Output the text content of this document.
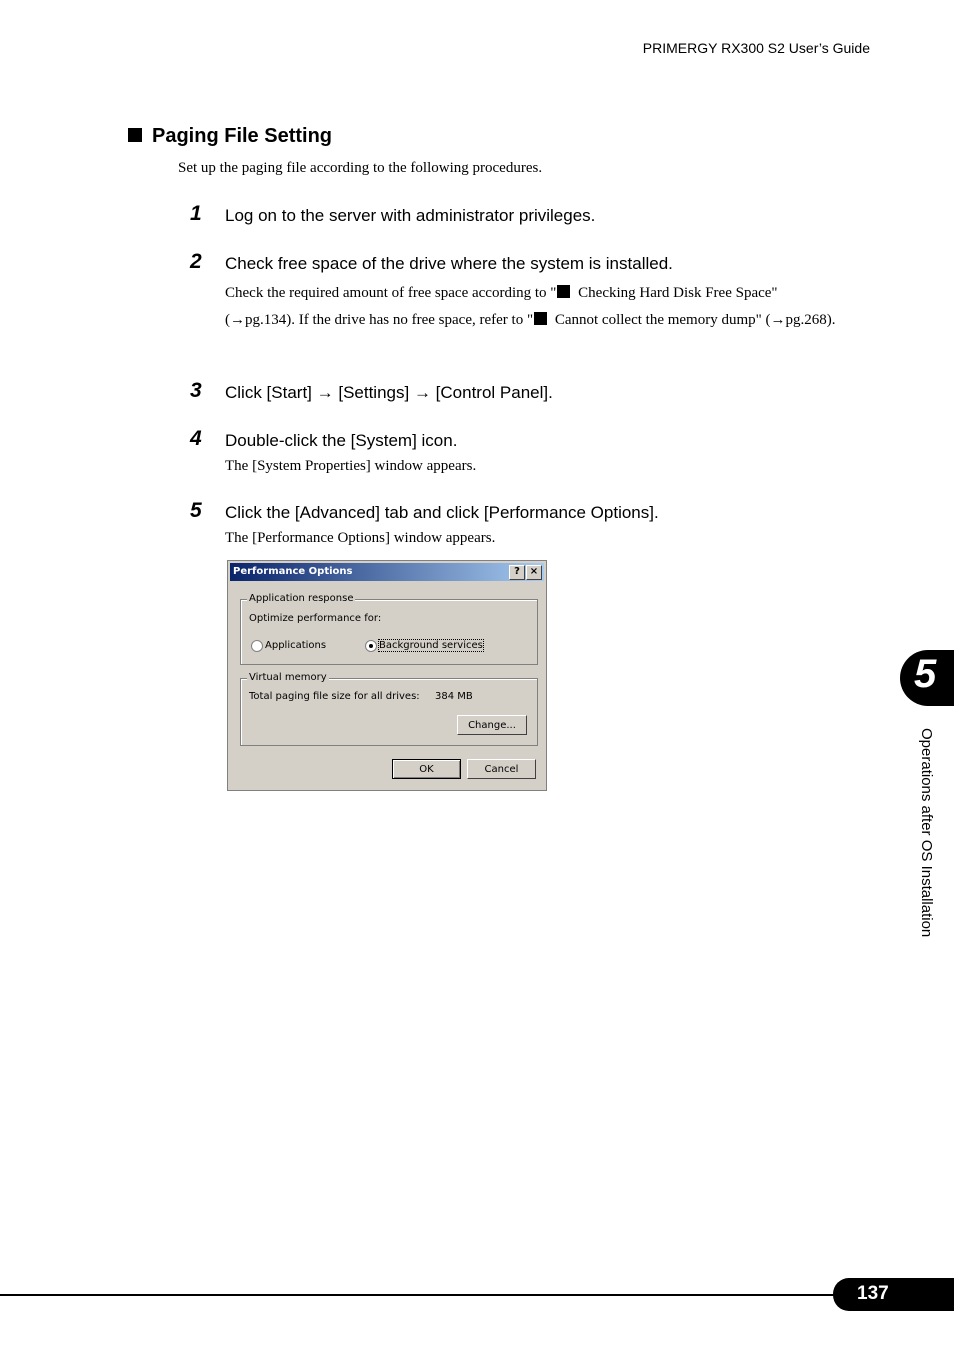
PRIMERGY RX300 S2 User’s Guide
Paging File Setting
Set up the paging file according to the following procedures.
1 Log on to the server with administrator privileges.
2 Check free space of the drive where the system is installed.
Check the required amount of free space according to " Checking Hard Disk Free Space" (→pg.134). If the drive has no free space, refer to " Cannot collect the memory dump" (→pg.268).
3 Click [Start] → [Settings] → [Control Panel].
4 Double-click the [System] icon.
The [System Properties] window appears.
5 Click the [Advanced] tab and click [Performance Options].
The [Performance Options] window appears.
Performance Options	? ×
Application response
Optimize performance for:
Applications	Background services
Virtual memory
Total paging file size for all drives: 384 MB
Change...
OK	Cancel
5
Operations after OS Installation
137
